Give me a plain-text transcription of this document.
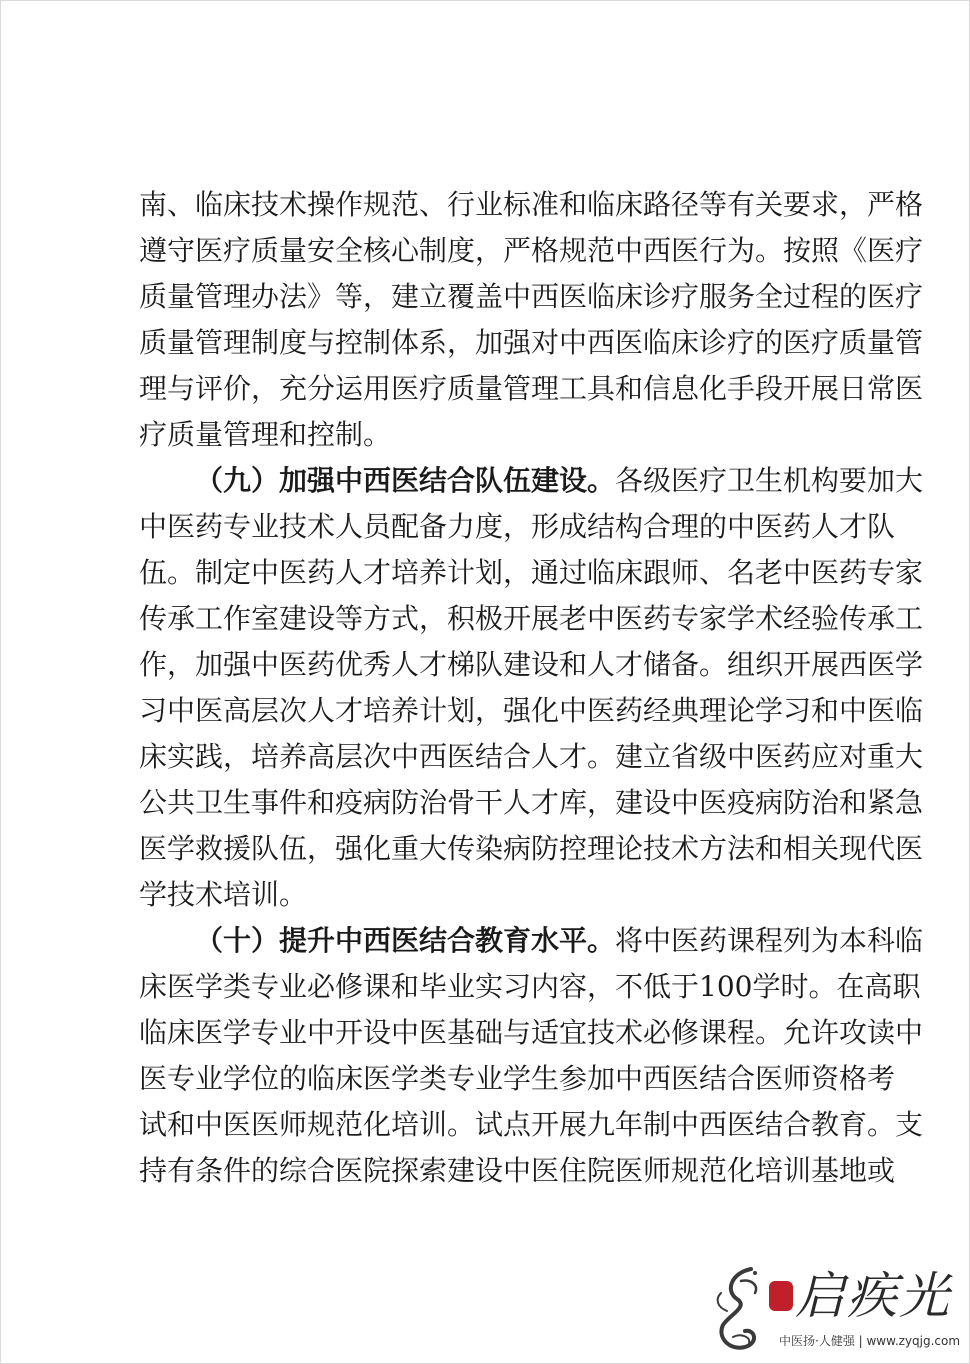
南、临床技术操作规范、行业标准和临床路径等有关要求，严格
遵守医疗质量安全核心制度，严格规范中西医行为。按照《医疗
质量管理办法》等，建立覆盖中西医临床诊疗服务全过程的医疗
质量管理制度与控制体系，加强对中西医临床诊疗的医疗质量管
理与评价，充分运用医疗质量管理工具和信息化手段开展日常医
疗质量管理和控制。
（九）加强中西医结合队伍建设。各级医疗卫生机构要加大
中医药专业技术人员配备力度，形成结构合理的中医药人才队
伍。制定中医药人才培养计划，通过临床跟师、名老中医药专家
传承工作室建设等方式，积极开展老中医药专家学术经验传承工
作，加强中医药优秀人才梯队建设和人才储备。组织开展西医学
习中医高层次人才培养计划，强化中医药经典理论学习和中医临
床实践，培养高层次中西医结合人才。建立省级中医药应对重大
公共卫生事件和疫病防治骨干人才库，建设中医疫病防治和紧急
医学救援队伍，强化重大传染病防控理论技术方法和相关现代医
学技术培训。
（十）提升中西医结合教育水平。将中医药课程列为本科临
床医学类专业必修课和毕业实习内容，不低于100学时。在高职
临床医学专业中开设中医基础与适宜技术必修课程。允许攻读中
医专业学位的临床医学类专业学生参加中西医结合医师资格考
试和中医医师规范化培训。试点开展九年制中西医结合教育。支
持有条件的综合医院探索建设中医住院医师规范化培训基地或
启疾光
中医扬·人健强 | www.zyqjg.com
